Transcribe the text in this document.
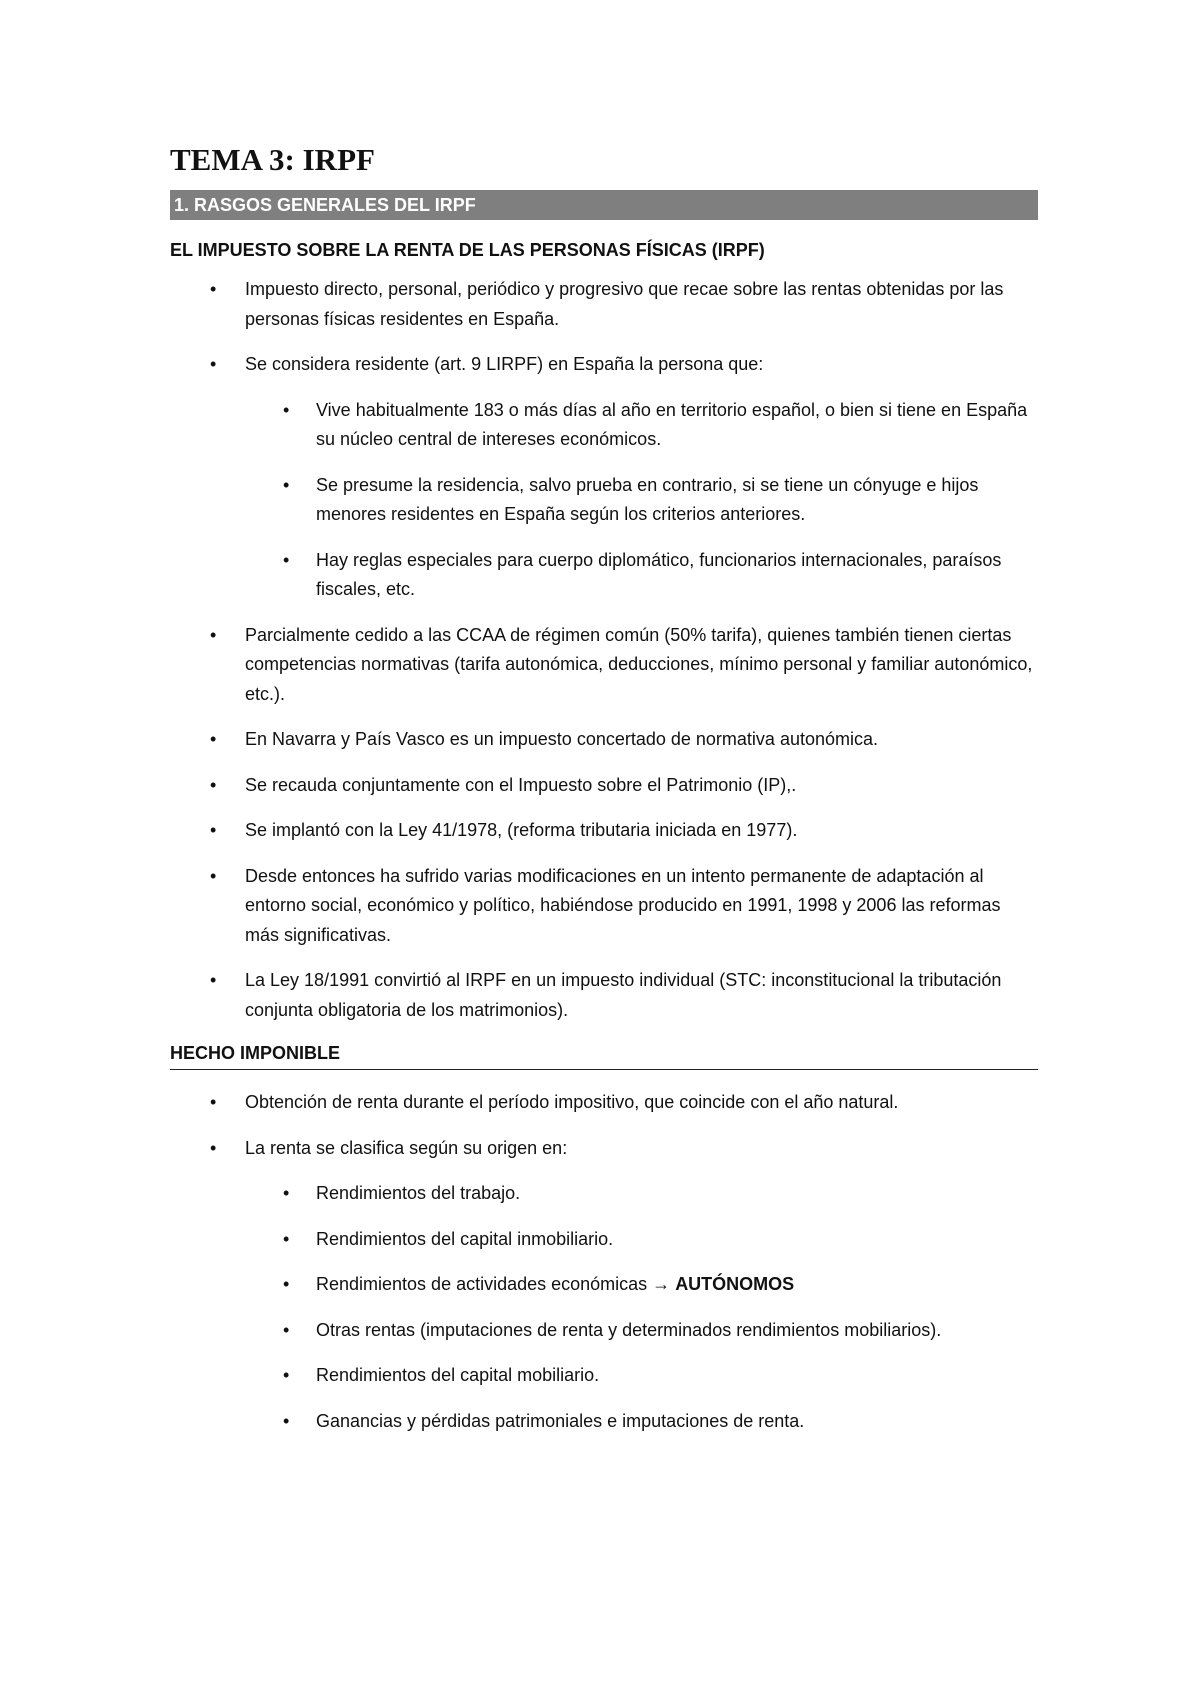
TEMA 3: IRPF
1. RASGOS GENERALES DEL IRPF
EL IMPUESTO SOBRE LA RENTA DE LAS PERSONAS FÍSICAS (IRPF)
• Impuesto directo, personal, periódico y progresivo que recae sobre las rentas obtenidas por las personas físicas residentes en España.
• Se considera residente (art. 9 LIRPF) en España la persona que:
• Vive habitualmente 183 o más días al año en territorio español, o bien si tiene en España su núcleo central de intereses económicos.
• Se presume la residencia, salvo prueba en contrario, si se tiene un cónyuge e hijos menores residentes en España según los criterios anteriores.
• Hay reglas especiales para cuerpo diplomático, funcionarios internacionales, paraísos fiscales, etc.
• Parcialmente cedido a las CCAA de régimen común (50% tarifa), quienes también tienen ciertas competencias normativas (tarifa autonómica, deducciones, mínimo personal y familiar autonómico, etc.).
• En Navarra y País Vasco es un impuesto concertado de normativa autonómica.
• Se recauda conjuntamente con el Impuesto sobre el Patrimonio (IP),.
• Se implantó con la Ley 41/1978, (reforma tributaria iniciada en 1977).
• Desde entonces ha sufrido varias modificaciones en un intento permanente de adaptación al entorno social, económico y político, habiéndose producido en 1991, 1998 y 2006 las reformas más significativas.
• La Ley 18/1991 convirtió al IRPF en un impuesto individual (STC: inconstitucional la tributación conjunta obligatoria de los matrimonios).
HECHO IMPONIBLE
• Obtención de renta durante el período impositivo, que coincide con el año natural.
• La renta se clasifica según su origen en:
• Rendimientos del trabajo.
• Rendimientos del capital inmobiliario.
• Rendimientos de actividades económicas → AUTÓNOMOS
• Otras rentas (imputaciones de renta y determinados rendimientos mobiliarios).
• Rendimientos del capital mobiliario.
• Ganancias y pérdidas patrimoniales e imputaciones de renta.
